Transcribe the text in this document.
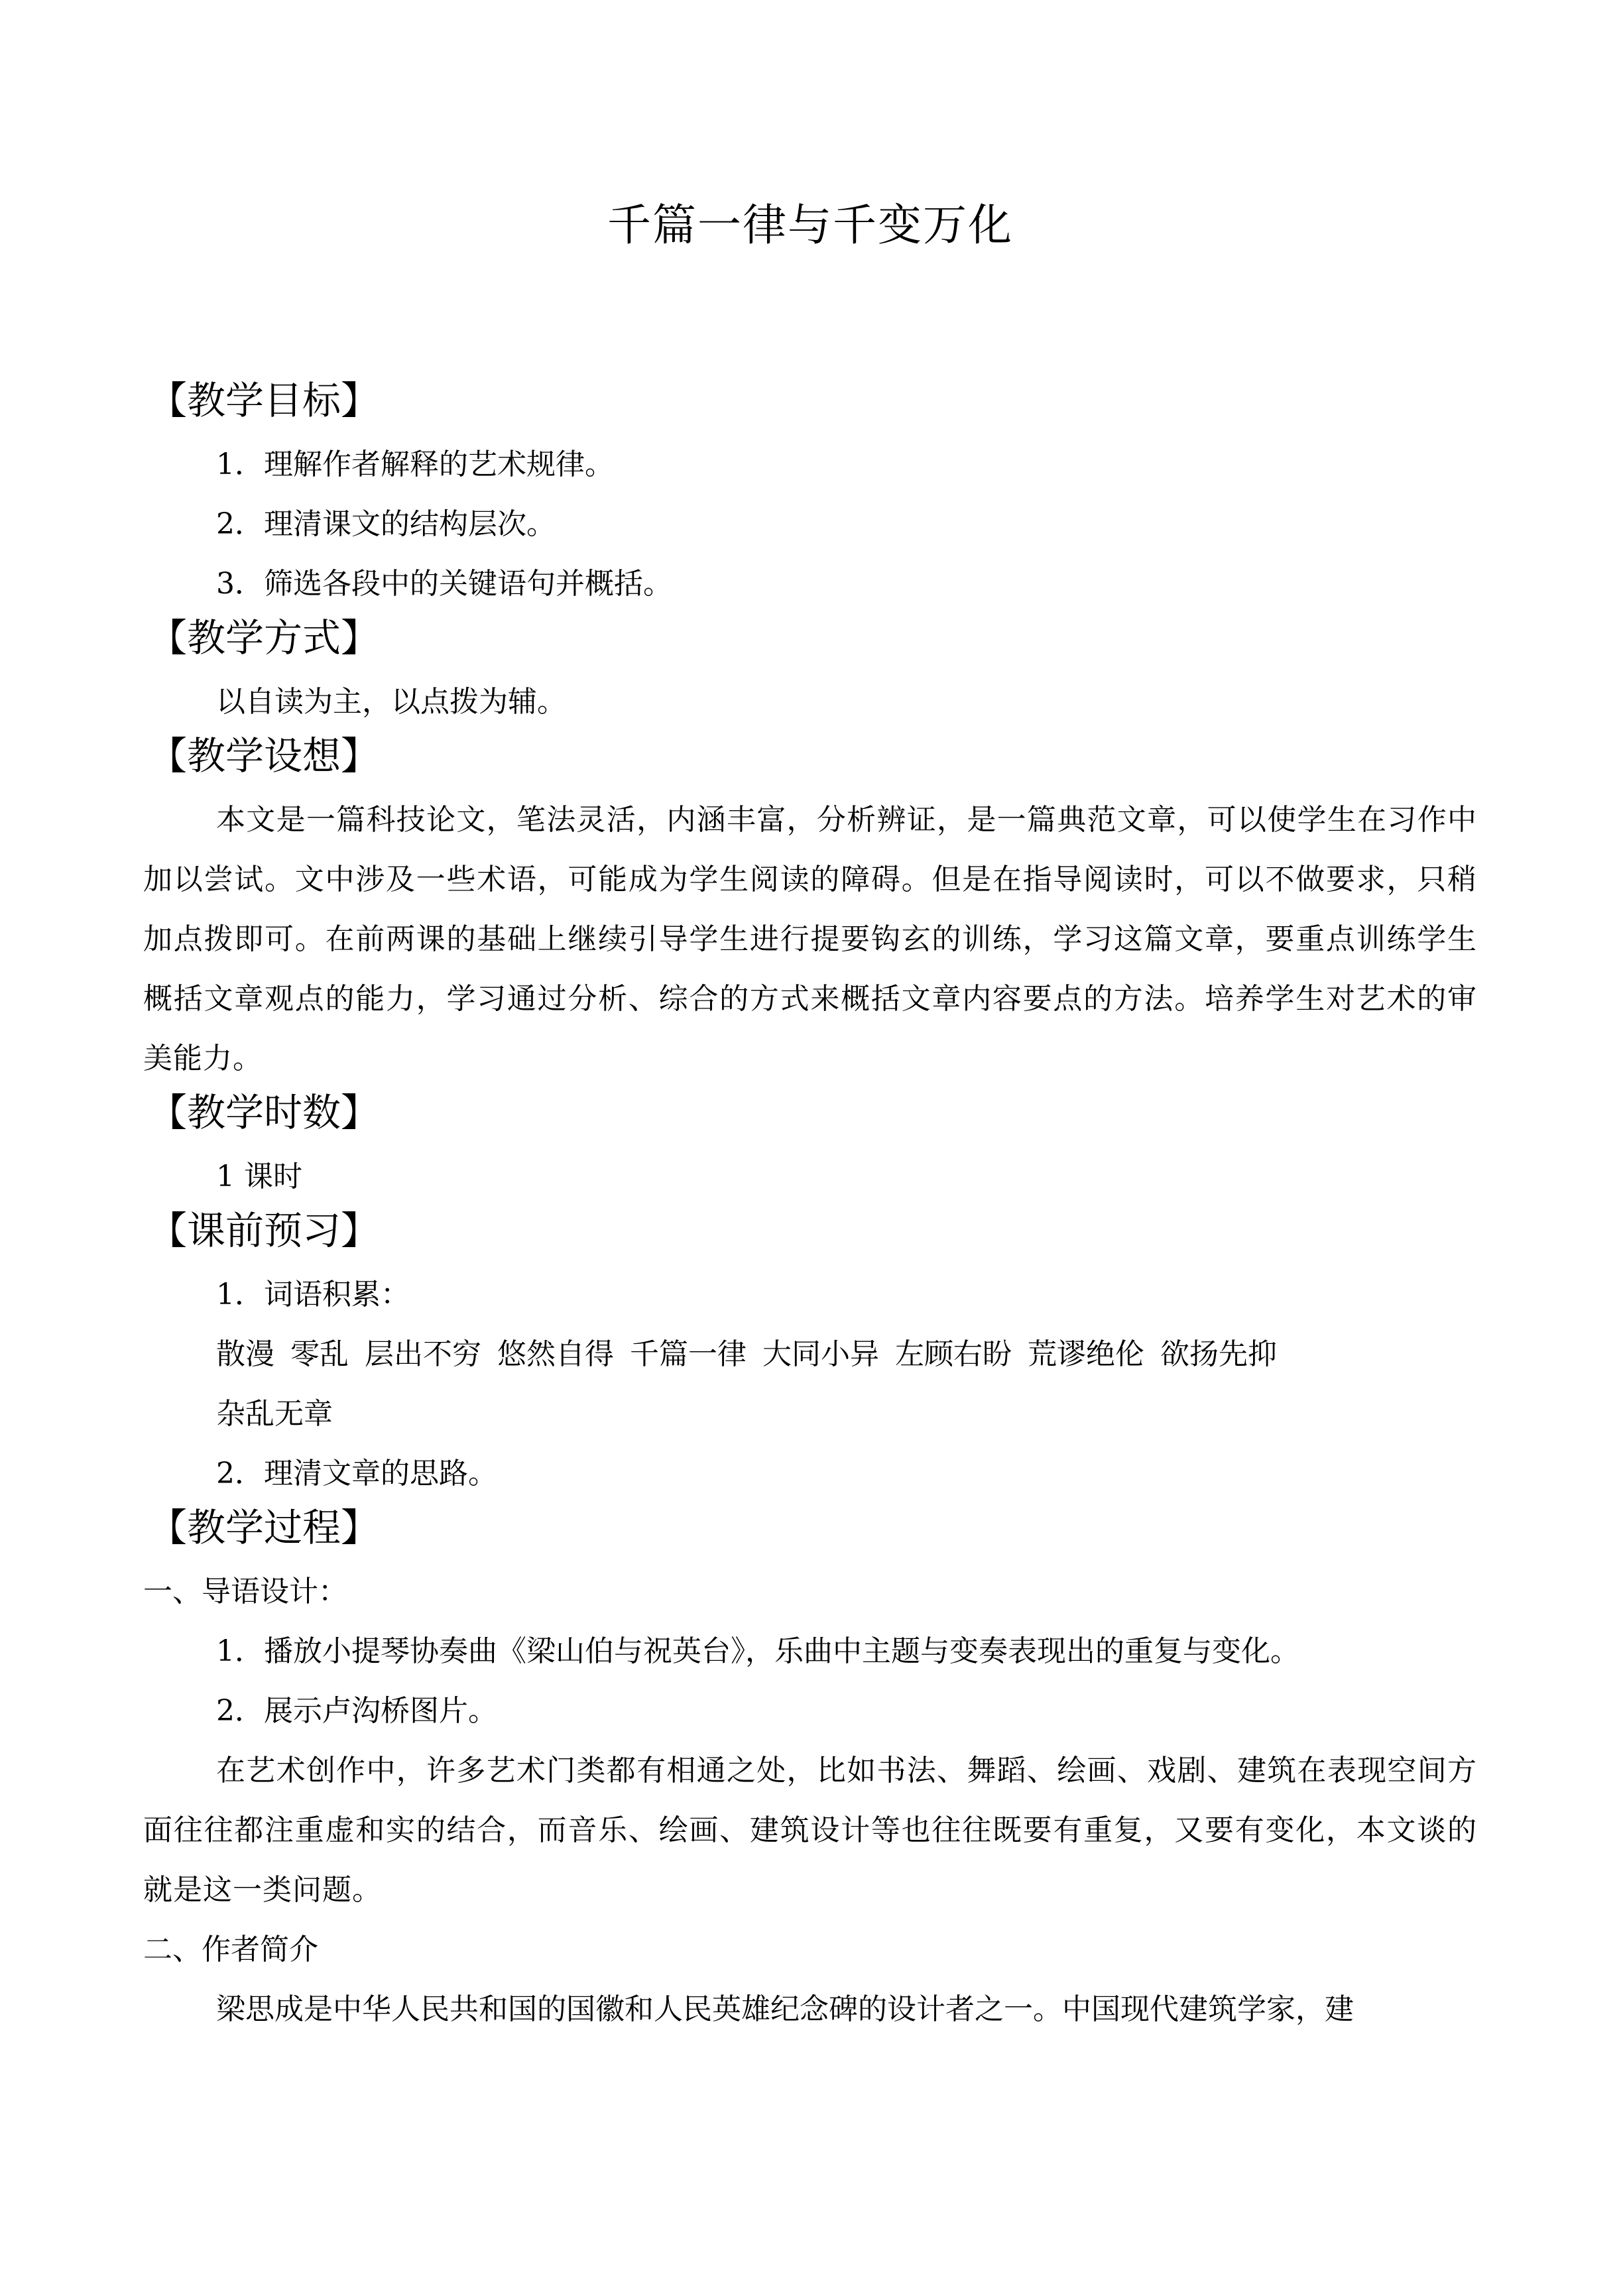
千篇一律与千变万化
【教学目标】
1．理解作者解释的艺术规律。
2．理清课文的结构层次。
3．筛选各段中的关键语句并概括。
【教学方式】
以自读为主，以点拨为辅。
【教学设想】
本文是一篇科技论文，笔法灵活，内涵丰富，分析辨证，是一篇典范文章，可以使学生在习作中加以尝试。文中涉及一些术语，可能成为学生阅读的障碍。但是在指导阅读时，可以不做要求，只稍加点拨即可。在前两课的基础上继续引导学生进行提要钩玄的训练，学习这篇文章，要重点训练学生概括文章观点的能力，学习通过分析、综合的方式来概括文章内容要点的方法。培养学生对艺术的审美能力。
【教学时数】
1 课时
【课前预习】
1．词语积累：
散漫 零乱 层出不穷 悠然自得 千篇一律 大同小异 左顾右盼 荒谬绝伦 欲扬先抑
杂乱无章
2．理清文章的思路。
【教学过程】
一、导语设计：
1．播放小提琴协奏曲《梁山伯与祝英台》，乐曲中主题与变奏表现出的重复与变化。
2．展示卢沟桥图片。
在艺术创作中，许多艺术门类都有相通之处，比如书法、舞蹈、绘画、戏剧、建筑在表现空间方面往往都注重虚和实的结合，而音乐、绘画、建筑设计等也往往既要有重复，又要有变化，本文谈的就是这一类问题。
二、作者简介
梁思成是中华人民共和国的国徽和人民英雄纪念碑的设计者之一。中国现代建筑学家，建
